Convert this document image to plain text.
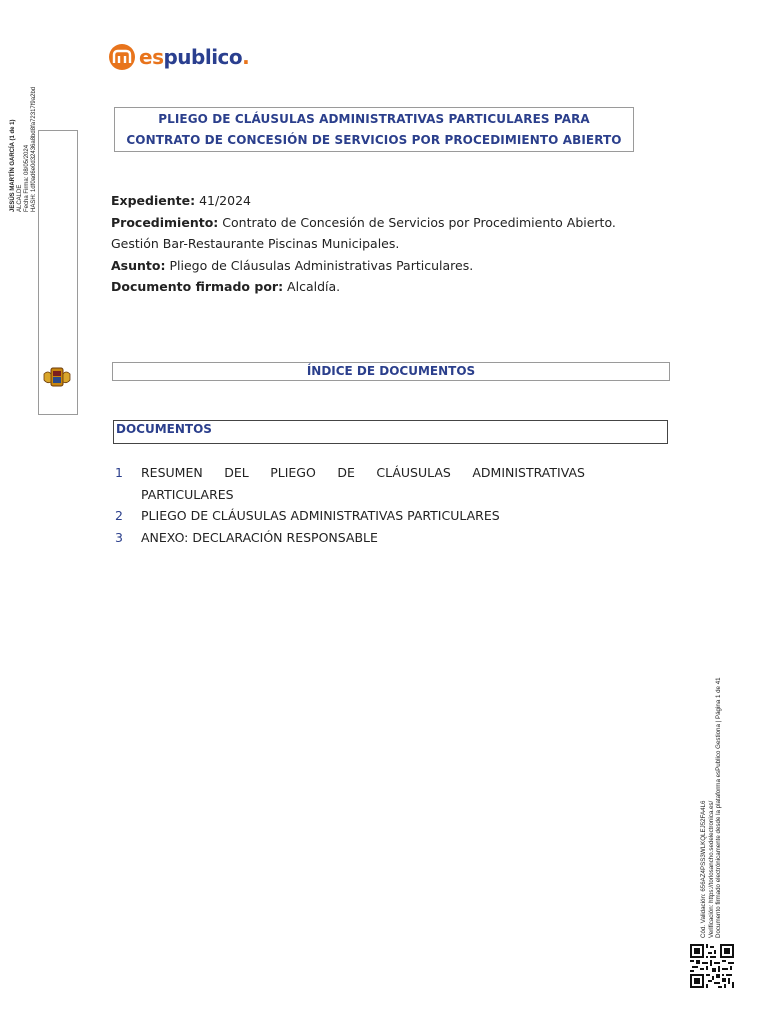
espublico.
PLIEGO DE CLÁUSULAS ADMINISTRATIVAS PARTICULARES PARA
CONTRATO DE CONCESIÓN DE SERVICIOS POR PROCEDIMIENTO ABIERTO
JESÚS MARTÍN GARCÍA (1 de 1) ALCALDE Fecha Firma: 08/05/2024 HASH: 1df0ad6e0d32436a8bd8fa72317f9a2bd	Expediente: 41/2024
Procedimiento: Contrato de Concesión de Servicios por Procedimiento Abierto.
Gestión Bar-Restaurante Piscinas Municipales.
Asunto: Pliego de Cláusulas Administrativas Particulares.
Documento firmado por: Alcaldía.
ÍNDICE DE DOCUMENTOS
DOCUMENTOS
1	RESUMEN DEL PLIEGO DE CLÁUSULAS ADMINISTRATIVAS
PARTICULARES
2	PLIEGO DE CLÁUSULAS ADMINISTRATIVAS PARTICULARES
3	ANEXO: DECLARACIÓN RESPONSABLE
Cód. Validación: 656AZ4PSS3WLKQLEJ52FA4L6 Verificación: https://torlosancho.sedelectronica.es/ Documento firmado electrónicamente desde la plataforma esPublico Gestiona | Página 1 de 41
